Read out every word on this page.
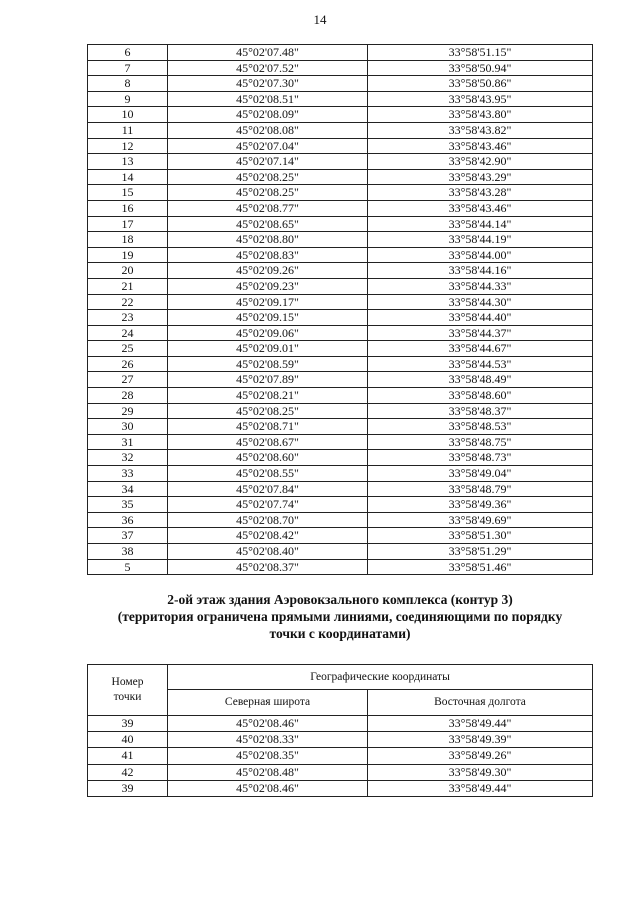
14
6	45°02'07.48"	33°58'51.15"
7	45°02'07.52"	33°58'50.94"
8	45°02'07.30"	33°58'50.86"
9	45°02'08.51"	33°58'43.95"
10	45°02'08.09"	33°58'43.80"
11	45°02'08.08"	33°58'43.82"
12	45°02'07.04"	33°58'43.46"
13	45°02'07.14"	33°58'42.90"
14	45°02'08.25"	33°58'43.29"
15	45°02'08.25"	33°58'43.28"
16	45°02'08.77"	33°58'43.46"
17	45°02'08.65"	33°58'44.14"
18	45°02'08.80"	33°58'44.19"
19	45°02'08.83"	33°58'44.00"
20	45°02'09.26"	33°58'44.16"
21	45°02'09.23"	33°58'44.33"
22	45°02'09.17"	33°58'44.30"
23	45°02'09.15"	33°58'44.40"
24	45°02'09.06"	33°58'44.37"
25	45°02'09.01"	33°58'44.67"
26	45°02'08.59"	33°58'44.53"
27	45°02'07.89"	33°58'48.49"
28	45°02'08.21"	33°58'48.60"
29	45°02'08.25"	33°58'48.37"
30	45°02'08.71"	33°58'48.53"
31	45°02'08.67"	33°58'48.75"
32	45°02'08.60"	33°58'48.73"
33	45°02'08.55"	33°58'49.04"
34	45°02'07.84"	33°58'48.79"
35	45°02'07.74"	33°58'49.36"
36	45°02'08.70"	33°58'49.69"
37	45°02'08.42"	33°58'51.30"
38	45°02'08.40"	33°58'51.29"
5	45°02'08.37"	33°58'51.46"
2-ой этаж здания Аэровокзального комплекса (контур 3)
(территория ограничена прямыми линиями, соединяющими по порядку
точки с координатами)
Номер точки	Географические координаты	
	Северная широта	Восточная долгота
39	45°02'08.46"	33°58'49.44"
40	45°02'08.33"	33°58'49.39"
41	45°02'08.35"	33°58'49.26"
42	45°02'08.48"	33°58'49.30"
39	45°02'08.46"	33°58'49.44"
